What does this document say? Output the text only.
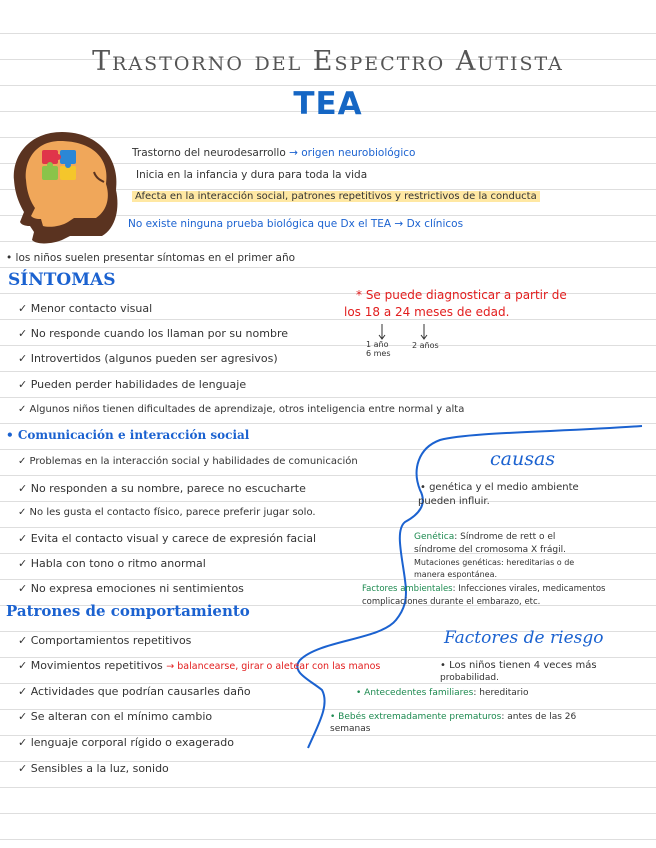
Trastorno del Espectro Autista
TEA
Trastorno del neurodesarrollo → origen neurobiológico
Inicia en la infancia y dura para toda la vida
Afecta en la interacción social, patrones repetitivos y restrictivos de la conducta
No existe ninguna prueba biológica que Dx el TEA → Dx clínicos
• los niños suelen presentar síntomas en el primer año
SÍNTOMAS
✓ Menor contacto visual
✓ No responde cuando los llaman por su nombre
✓ Introvertidos (algunos pueden ser agresivos)
✓ Pueden perder habilidades de lenguaje
✓ Algunos niños tienen dificultades de aprendizaje, otros inteligencia entre normal y alta
* Se puede diagnosticar a partir de
los 18 a 24 meses de edad.
1 año
6 mes
2 años
• Comunicación e interacción social
✓ Problemas en la interacción social y habilidades de comunicación
✓ No responden a su nombre, parece no escucharte
✓ No les gusta el contacto físico, parece preferir jugar solo.
✓ Evita el contacto visual y carece de expresión facial
✓ Habla con tono o ritmo anormal
✓ No expresa emociones ni sentimientos
Patrones de comportamiento
✓ Comportamientos repetitivos
✓ Movimientos repetitivos → balancearse, girar o aletear con las manos
✓ Actividades que podrían causarles daño
✓ Se alteran con el mínimo cambio
✓ lenguaje corporal rígido o exagerado
✓ Sensibles a la luz, sonido
causas
• genética y el medio ambiente
pueden influir.
Genética: Síndrome de rett o el
síndrome del cromosoma X frágil.
Mutaciones genéticas: hereditarias o de
manera espontánea.
Factores ambientales: Infecciones virales, medicamentos
complicaciones durante el embarazo, etc.
Factores de riesgo
• Los niños tienen 4 veces más
probabilidad.
• Antecedentes familiares: hereditario
• Bebés extremadamente prematuros: antes de las 26
semanas
